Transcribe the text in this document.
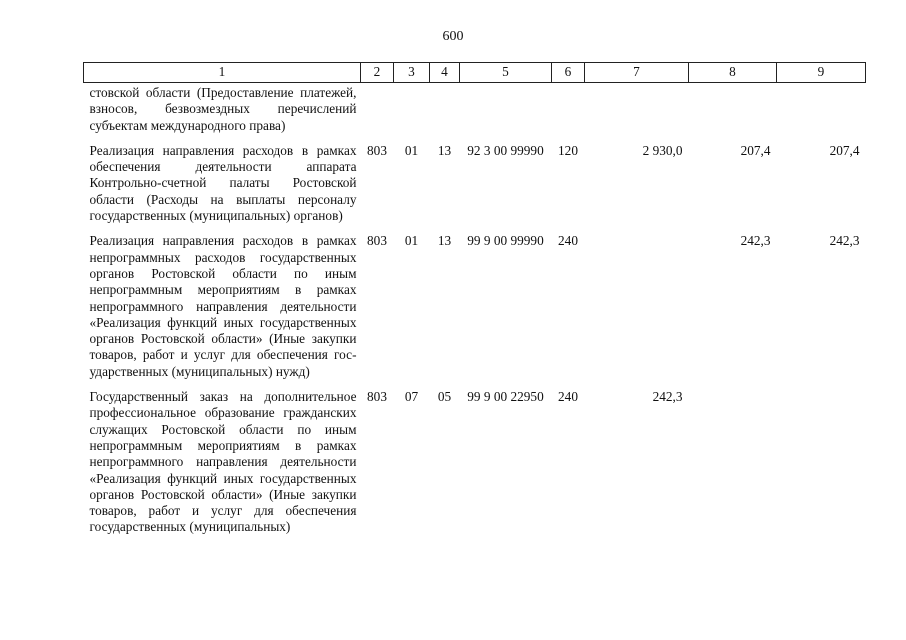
600
1	2	3	4	5	6	7	8	9
стовской области (Предоставление платежей, взносов, безвозмездных перечислений субъектам международного права)								
Реализация направления расходов в рамках обеспечения деятельности аппарата Контрольно-счетной палаты Ростовской области (Расходы на выплаты персоналу государственных (муниципальных) органов)	803	01	13	92 3 00 99990	120	2 930,0	207,4	207,4
Реализация направления расходов в рамках непрограммных расходов государственных органов Ростовской области по иным непрограммным мероприятиям в рамках непрограммного направления деятельности «Реализация функций иных государственных органов Ростовской области» (Иные закупки товаров, работ и услуг для обеспечения государственных (муниципальных) нужд)	803	01	13	99 9 00 99990	240		242,3	242,3
Государственный заказ на дополнительное профессиональное образование гражданских служащих Ростовской области по иным непрограммным мероприятиям в рамках непрограммного направления деятельности «Реализация функций иных государственных органов Ростовской области» (Иные закупки товаров, работ и услуг для обеспечения государственных (муниципальных)	803	07	05	99 9 00 22950	240	242,3		
